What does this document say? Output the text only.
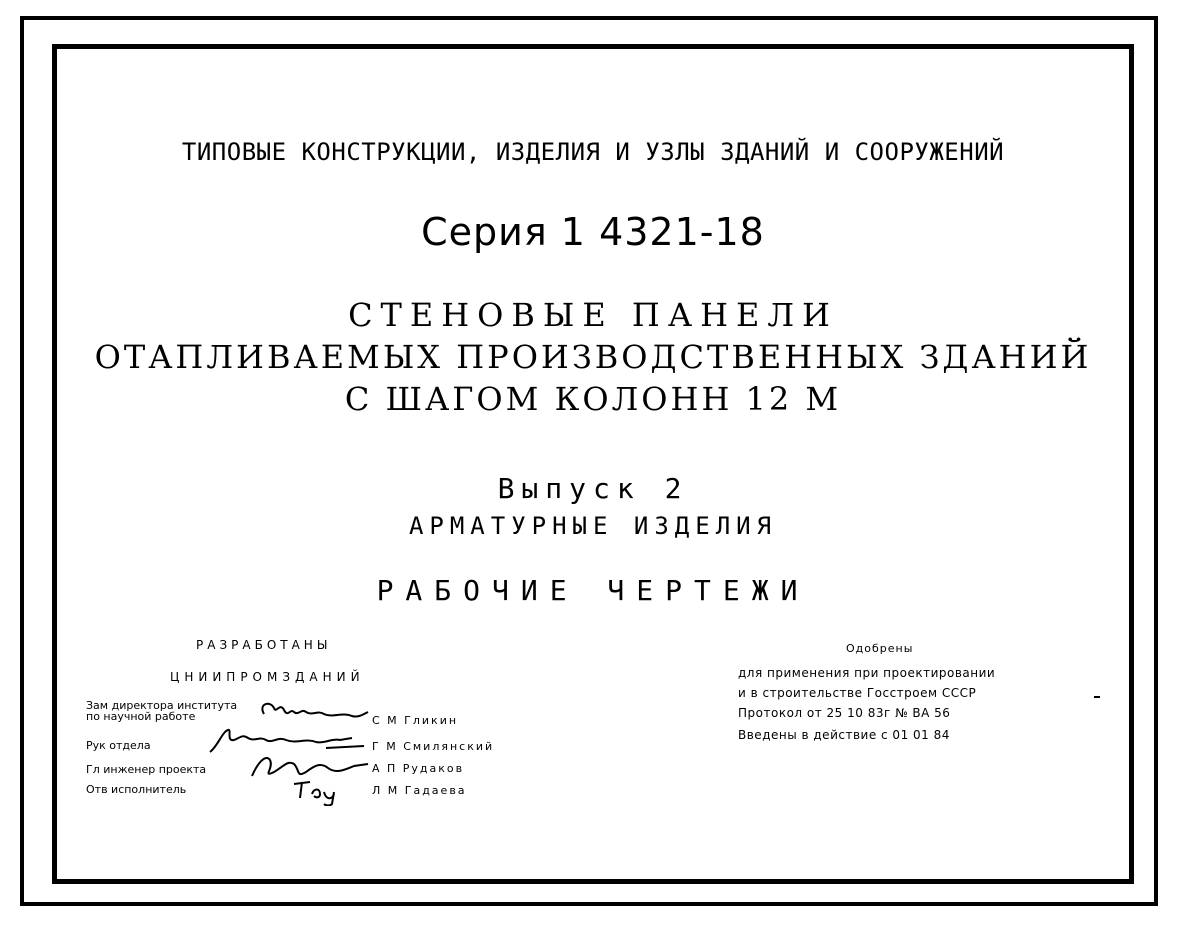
ТИПОВЫЕ КОНСТРУКЦИИ, ИЗДЕЛИЯ И УЗЛЫ ЗДАНИЙ И СООРУЖЕНИЙ
Серия 1 4321-18
СТЕНОВЫЕ ПАНЕЛИ
ОТАПЛИВАЕМЫХ ПРОИЗВОДСТВЕННЫХ ЗДАНИЙ
С ШАГОМ КОЛОНН 12 М
Выпуск 2
АРМАТУРНЫЕ ИЗДЕЛИЯ
РАБОЧИЕ ЧЕРТЕЖИ
РАЗРАБОТАНЫ
ЦНИИПРОМЗДАНИЙ
Зам директора института
по научной работе	С М Гликин
Рук отдела	Г М Смилянский
Гл инженер проекта	А П Рудаков
Отв исполнитель	Л М Гадаева
Одобрены
для применения при проектировании
и в строительстве Госстроем СССР
Протокол от 25 10 83г № ВА 56
Введены в действие с 01 01 84
